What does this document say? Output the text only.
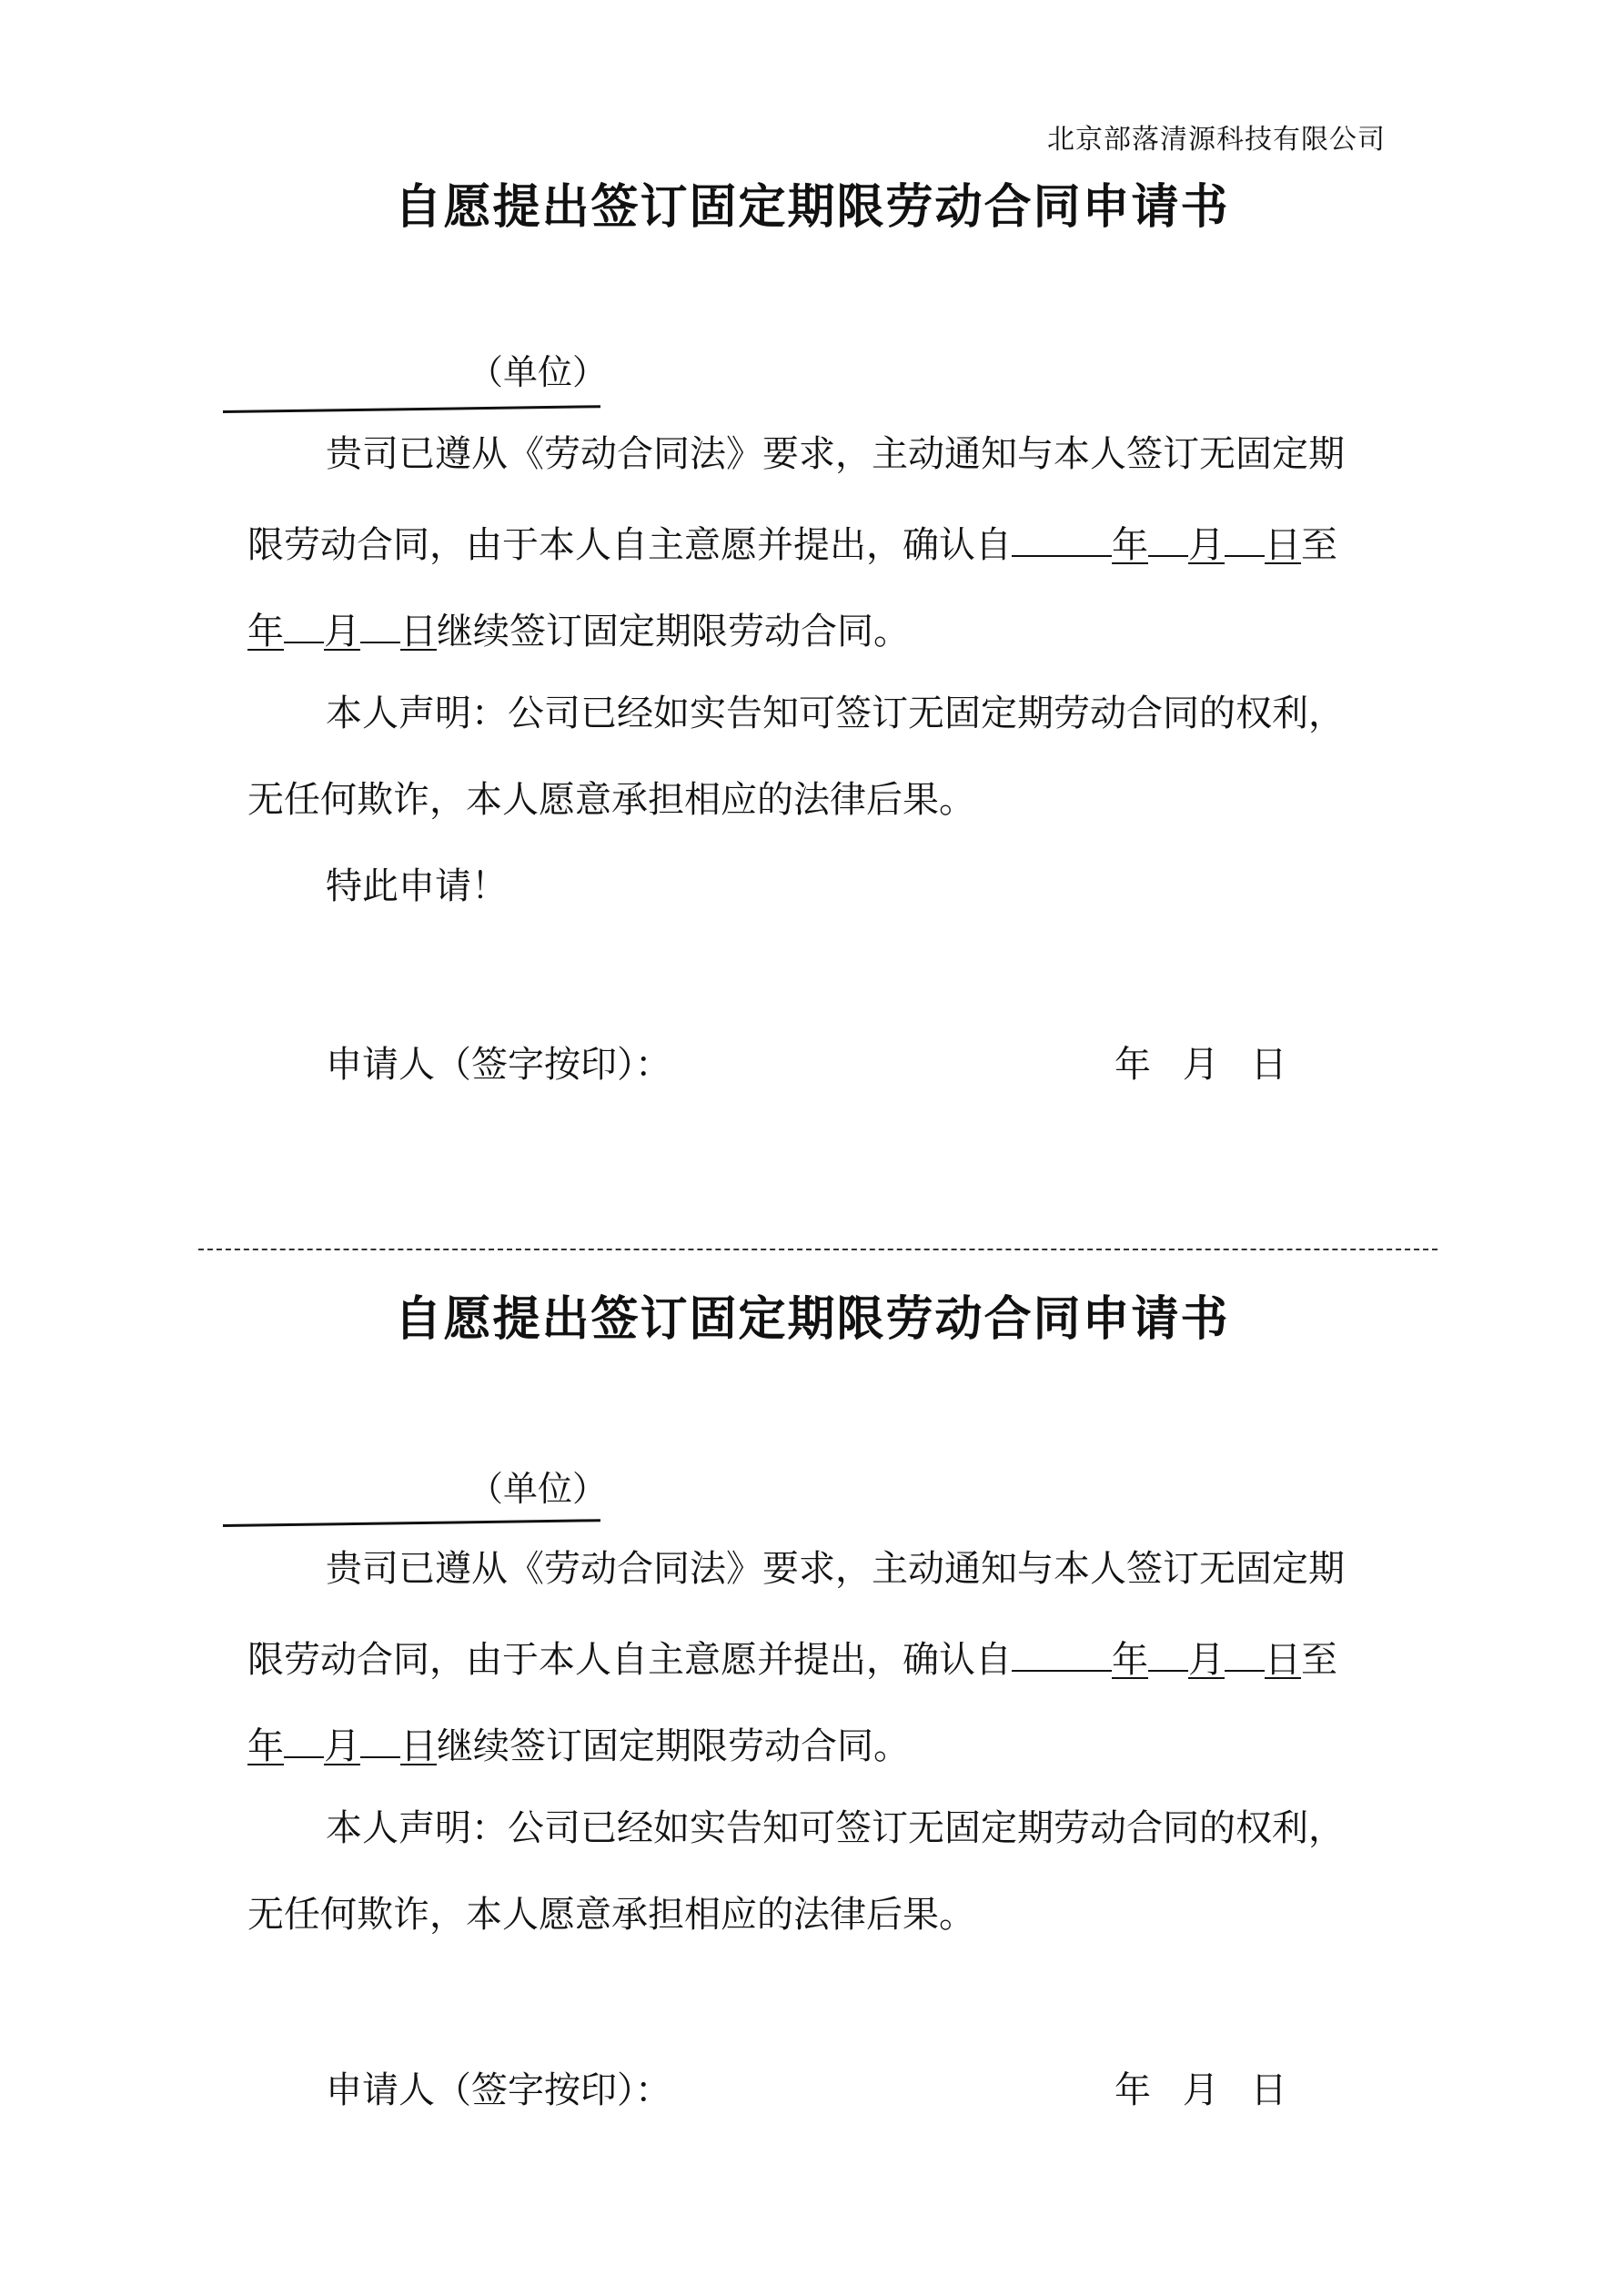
北京部落清源科技有限公司
自愿提出签订固定期限劳动合同申请书
（单位）
贵司已遵从《劳动合同法》要求，主动通知与本人签订无固定期
限劳动合同，由于本人自主意愿并提出，确认自	年 月 日至
年 月 日继续签订固定期限劳动合同。
本人声明：公司已经如实告知可签订无固定期劳动合同的权利，
无任何欺诈，本人愿意承担相应的法律后果。
特此申请！
申请人（签字按印）：	年 月 日
自愿提出签订固定期限劳动合同申请书
（单位）
贵司已遵从《劳动合同法》要求，主动通知与本人签订无固定期
限劳动合同，由于本人自主意愿并提出，确认自	年 月 日至
年 月 日继续签订固定期限劳动合同。
本人声明：公司已经如实告知可签订无固定期劳动合同的权利，
无任何欺诈，本人愿意承担相应的法律后果。
申请人（签字按印）：	年 月 日
